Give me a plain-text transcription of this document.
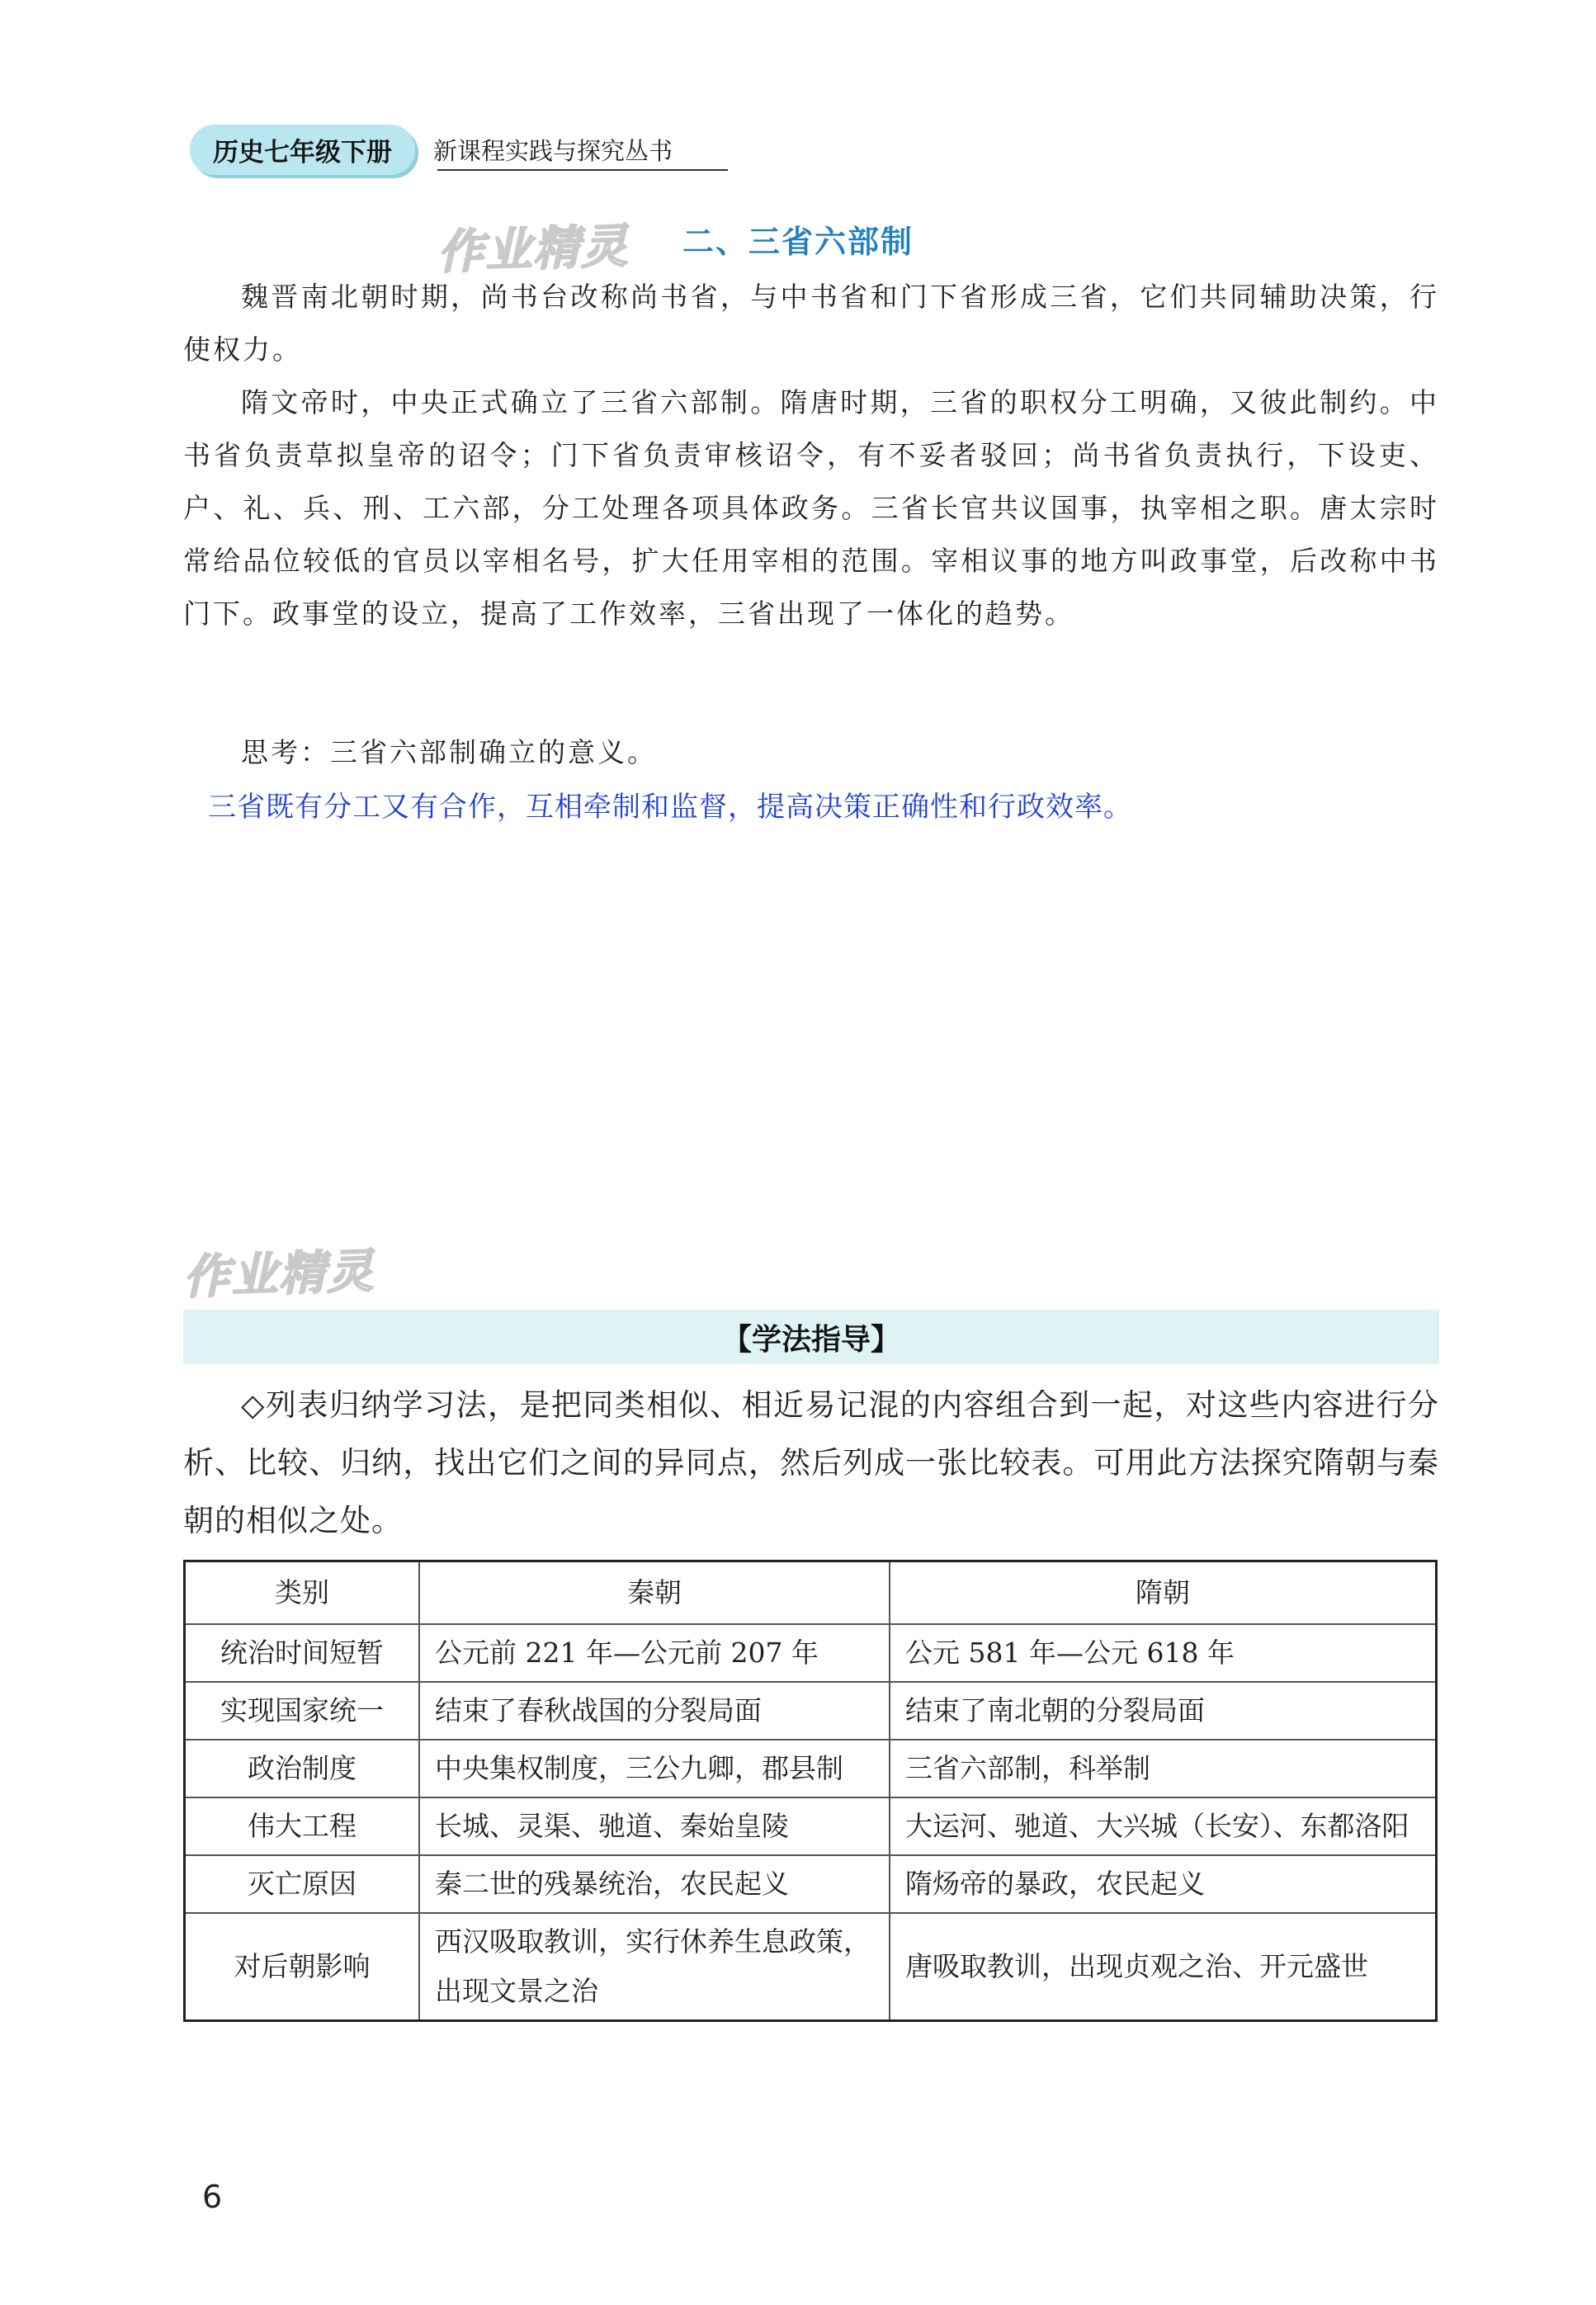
历史七年级下册	新课程实践与探究丛书
作业精灵
作业精灵
二、三省六部制

魏晋南北朝时期，尚书台改称尚书省，与中书省和门下省形成三省，它们共同辅助决策，行使权力。

隋文帝时，中央正式确立了三省六部制。隋唐时期，三省的职权分工明确，又彼此制约。中书省负责草拟皇帝的诏令；门下省负责审核诏令，有不妥者驳回；尚书省负责执行，下设吏、户、礼、兵、刑、工六部，分工处理各项具体政务。三省长官共议国事，执宰相之职。唐太宗时常给品位较低的官员以宰相名号，扩大任用宰相的范围。宰相议事的地方叫政事堂，后改称中书门下。政事堂的设立，提高了工作效率，三省出现了一体化的趋势。

思考：三省六部制确立的意义。

三省既有分工又有合作，互相牵制和监督，提高决策正确性和行政效率。
【学法指导】

◇列表归纳学习法，是把同类相似、相近易记混的内容组合到一起，对这些内容进行分析、比较、归纳，找出它们之间的异同点，然后列成一张比较表。可用此方法探究隋朝与秦朝的相似之处。

类别	秦朝	隋朝
统治时间短暂	公元前 221 年—公元前 207 年	公元 581 年—公元 618 年
实现国家统一	结束了春秋战国的分裂局面	结束了南北朝的分裂局面
政治制度	中央集权制度，三公九卿，郡县制	三省六部制，科举制
伟大工程	长城、灵渠、驰道、秦始皇陵	大运河、驰道、大兴城（长安）、东都洛阳
灭亡原因	秦二世的残暴统治，农民起义	隋炀帝的暴政，农民起义
对后朝影响	西汉吸取教训，实行休养生息政策，出现文景之治	唐吸取教训，出现贞观之治、开元盛世
6
